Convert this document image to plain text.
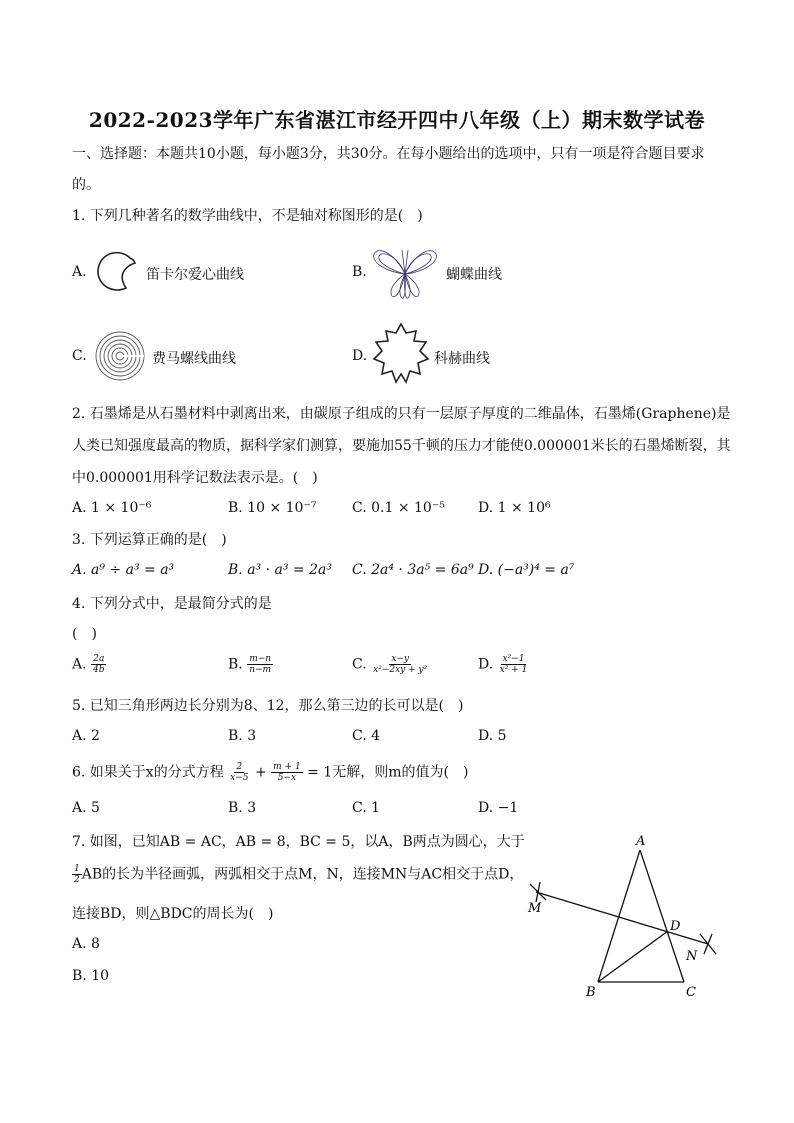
2022-2023学年广东省湛江市经开四中八年级（上）期末数学试卷
一、选择题：本题共10小题，每小题3分，共30分。在每小题给出的选项中，只有一项是符合题目要求
的。
1. 下列几种著名的数学曲线中，不是轴对称图形的是(　)
A.	笛卡尔爱心曲线	B.	蝴蝶曲线
C.	费马螺线曲线	D.	科赫曲线
2. 石墨烯是从石墨材料中剥离出来，由碳原子组成的只有一层原子厚度的二维晶体，石墨烯(Graphene)是
人类已知强度最高的物质，据科学家们测算，要施加55千顿的压力才能使0.000001米长的石墨烯断裂，其
中0.000001用科学记数法表示是。(　)
A. 1 × 10⁻⁶	B. 10 × 10⁻⁷	C. 0.1 × 10⁻⁵ D. 1 × 10⁶
3. 下列运算正确的是(　)
A. a⁹ ÷ a³ = a³	B. a³ · a³ = 2a³ C. 2a⁴ · 3a⁵ = 6a⁹ D. (−a³)⁴ = a⁷
4. 下列分式中，是最简分式的是
(　)
A. $\frac{2a}{4b}$	B. $\frac{m-n}{n-m}$	C. $\frac{x-y}{\text{x²−2xy + y²}}$	D. $\frac{\text{x²−1}}{\text{x² + 1}}$
5. 已知三角形两边长分别为8、12，那么第三边的长可以是(　)
A. 2	B. 3	C. 4	D. 5
6. 如果关于x的分式方程 $\frac{2}{x-5} + \frac{m + 1}{5-x} = 1$无解，则m的值为(　)
A. 5	B. 3	C. 1	D. −1
7. 如图，已知AB = AC，AB = 8，BC = 5，以A，B两点为圆心，大于
$\frac{1}{2}$ AB的长为半径画弧，两弧相交于点M，N，连接MN与AC相交于点D，
连接BD，则△BDC的周长为(　)
A. 8
B. 10
A
B	C
D
M
N
